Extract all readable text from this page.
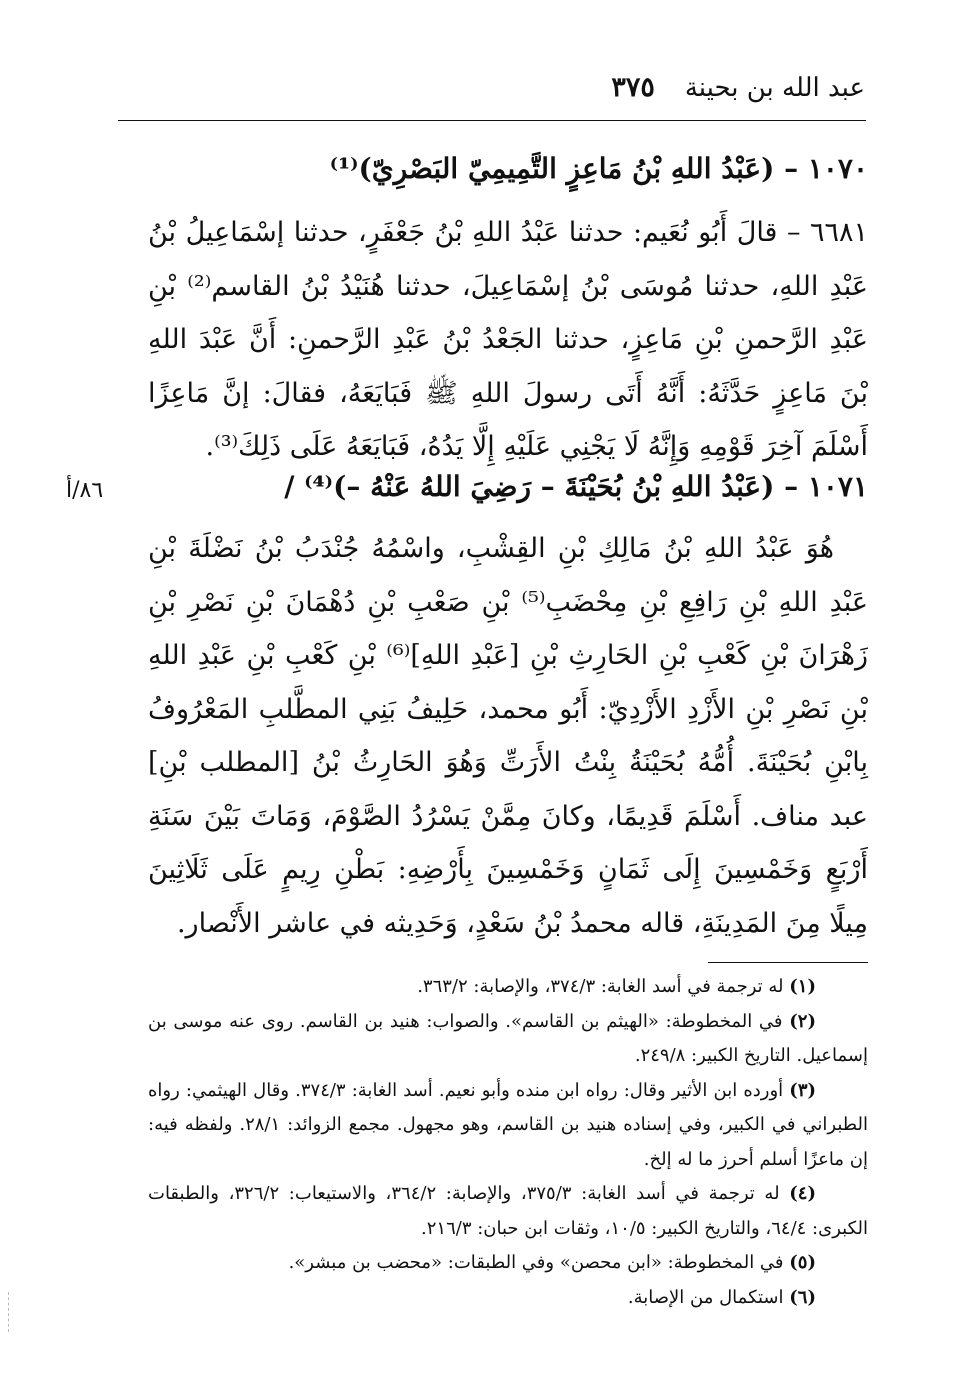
عبد الله بن بحينة
٣٧٥
١٠٧٠ – (عَبْدُ اللهِ بْنُ مَاعِزٍ التَّمِيمِيّ البَصْرِيّ)⁽¹⁾
٦٦٨١ – قالَ أَبُو نُعَيم: حدثنا عَبْدُ اللهِ بْنُ جَعْفَرٍ، حدثنا إسْمَاعِيلُ بْنُ عَبْدِ اللهِ، حدثنا مُوسَى بْنُ إسْمَاعِيلَ، حدثنا هُنَيْدُ بْنُ القاسم⁽²⁾ بْنِ عَبْدِ الرَّحمنِ بْنِ مَاعِزٍ، حدثنا الجَعْدُ بْنُ عَبْدِ الرَّحمنِ: أَنَّ عَبْدَ اللهِ بْنَ مَاعِزٍ حَدَّثَهُ: أَنَّهُ أَتَى رسولَ اللهِ ﷺ فَبَايَعَهُ، فقالَ: إنَّ مَاعِزًا أَسْلَمَ آخِرَ قَوْمِهِ وَإِنَّهُ لَا يَجْنِي عَلَيْهِ إِلَّا يَدُهُ، فَبَايَعَهُ عَلَى ذَلِكَ⁽³⁾.
٨٦/أ	١٠٧١ – (عَبْدُ اللهِ بْنُ بُحَيْنَةَ – رَضِيَ اللهُ عَنْهُ –)⁽⁴⁾ /
هُوَ عَبْدُ اللهِ بْنُ مَالِكِ بْنِ القِشْبِ، واسْمُهُ جُنْدَبُ بْنُ نَضْلَةَ بْنِ عَبْدِ اللهِ بْنِ رَافِعِ بْنِ مِحْضَبِ⁽⁵⁾ بْنِ صَعْبِ بْنِ دُهْمَانَ بْنِ نَصْرِ بْنِ زَهْرَانَ بْنِ كَعْبِ بْنِ الحَارِثِ بْنِ [عَبْدِ اللهِ]⁽⁶⁾ بْنِ كَعْبِ بْنِ عَبْدِ اللهِ بْنِ نَصْرِ بْنِ الأَزْدِ الأَزْدِيّ: أَبُو محمد، حَلِيفُ بَنِي المطَّلبِ المَعْرُوفُ بِابْنِ بُحَيْنَةَ. أُمُّهُ بُحَيْنَةُ بِنْتُ الأَرَتِّ وَهُوَ الحَارِثُ بْنُ [المطلب بْنِ] عبد مناف. أَسْلَمَ قَدِيمًا، وكانَ مِمَّنْ يَسْرُدُ الصَّوْمَ، وَمَاتَ بَيْنَ سَنَةِ أَرْبَعٍ وَخَمْسِينَ إِلَى ثَمَانٍ وَخَمْسِينَ بِأَرْضِهِ: بَطْنِ رِيمٍ عَلَى ثَلَاثِينَ مِيلًا مِنَ المَدِينَةِ، قاله محمدُ بْنُ سَعْدٍ، وَحَدِيثه في عاشر الأَنْصار.

(١) له ترجمة في أسد الغابة: ٣٧٤/٣، والإصابة: ٣٦٣/٢.

(٢) في المخطوطة: «الهيثم بن القاسم». والصواب: هنيد بن القاسم. روى عنه موسى بن إسماعيل. التاريخ الكبير: ٢٤٩/٨.

(٣) أورده ابن الأثير وقال: رواه ابن منده وأبو نعيم. أسد الغابة: ٣٧٤/٣. وقال الهيثمي: رواه الطبراني في الكبير، وفي إسناده هنيد بن القاسم، وهو مجهول. مجمع الزوائد: ٢٨/١. ولفظه فيه: إن ماعزًا أسلم أحرز ما له إلخ.

(٤) له ترجمة في أسد الغابة: ٣٧٥/٣، والإصابة: ٣٦٤/٢، والاستيعاب: ٣٢٦/٢، والطبقات الكبرى: ٦٤/٤، والتاريخ الكبير: ١٠/٥، وثقات ابن حبان: ٢١٦/٣.

(٥) في المخطوطة: «ابن محصن» وفي الطبقات: «محضب بن مبشر».

(٦) استكمال من الإصابة.
